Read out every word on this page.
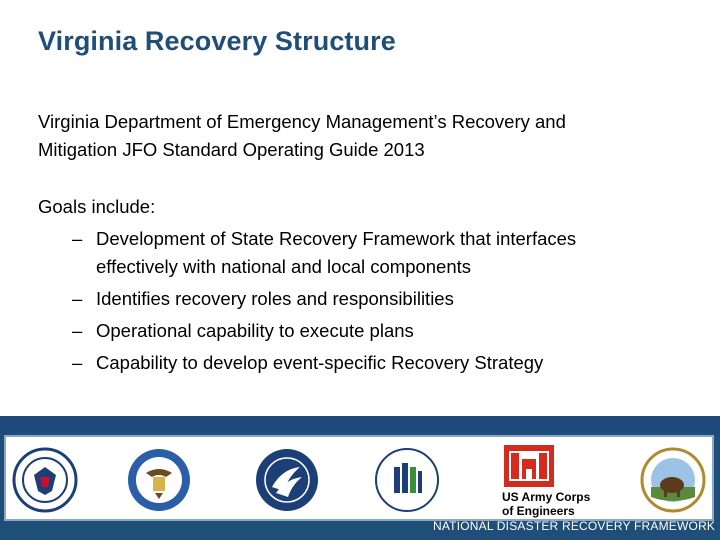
Virginia Recovery Structure
Virginia Department of Emergency Management’s Recovery and
Mitigation JFO Standard Operating Guide 2013
Goals include:
– Development of State Recovery Framework that interfaces
effectively with national and local components
– Identifies recovery roles and responsibilities
– Operational capability to execute plans
– Capability to develop event-specific Recovery Strategy
US Army Corps
of Engineers
NATIONAL DISASTER RECOVERY FRAMEWORK
